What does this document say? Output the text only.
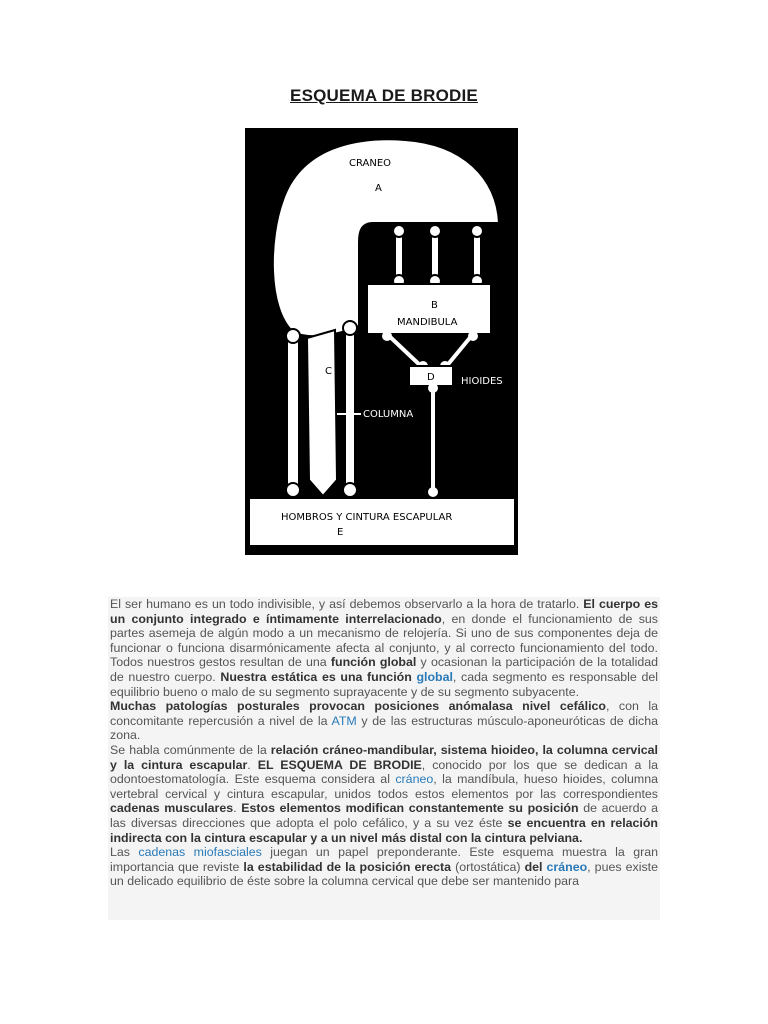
ESQUEMA DE BRODIE
CRANEO
A
B
MANDIBULA
C
D
HOMBROS Y CINTURA ESCAPULAR
E
HIOIDES
COLUMNA

El ser humano es un todo indivisible, y así debemos observarlo a la hora de tratarlo. El cuerpo es un conjunto integrado e íntimamente interrelacionado, en donde el funcionamiento de sus partes asemeja de algún modo a un mecanismo de relojería. Si uno de sus componentes deja de funcionar o funciona disarmónicamente afecta al conjunto, y al correcto funcionamiento del todo. Todos nuestros gestos resultan de una función global y ocasionan la participación de la totalidad de nuestro cuerpo. Nuestra estática es una función global, cada segmento es responsable del equilibrio bueno o malo de su segmento suprayacente y de su segmento subyacente.

Muchas patologías posturales provocan posiciones anómalasa nivel cefálico, con la concomitante repercusión a nivel de la ATM y de las estructuras músculo-aponeuróticas de dicha zona.

Se habla comúnmente de la relación cráneo-mandibular, sistema hioideo, la columna cervical y la cintura escapular. EL ESQUEMA DE BRODIE, conocido por los que se dedican a la odontoestomatología. Este esquema considera al cráneo, la mandíbula, hueso hioides, columna vertebral cervical y cintura escapular, unidos todos estos elementos por las correspondientes cadenas musculares. Estos elementos modifican constantemente su posición de acuerdo a las diversas direcciones que adopta el polo cefálico, y a su vez éste se encuentra en relación indirecta con la cintura escapular y a un nivel más distal con la cintura pelviana.

Las cadenas miofasciales juegan un papel preponderante. Este esquema muestra la gran importancia que reviste la estabilidad de la posición erecta (ortostática) del cráneo, pues existe un delicado equilibrio de éste sobre la columna cervical que debe ser mantenido para
